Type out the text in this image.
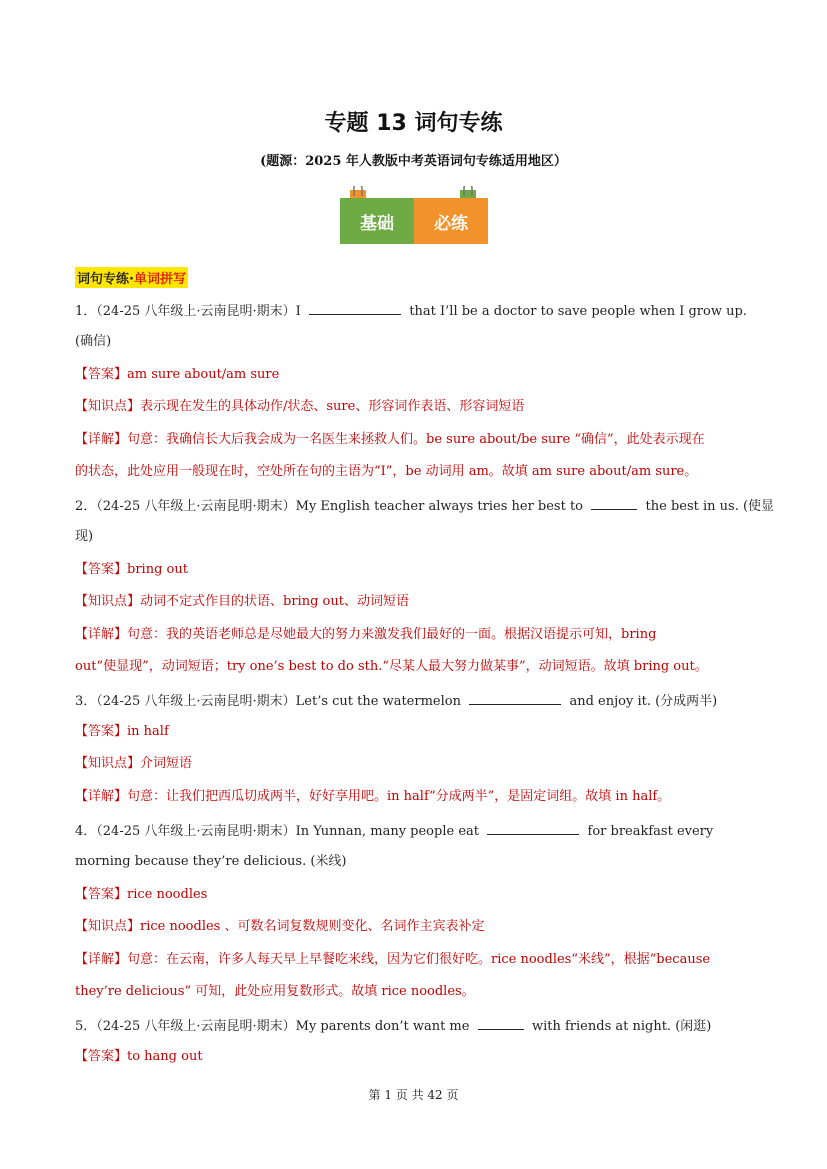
专题 13 词句专练
(题源：2025 年人教版中考英语词句专练适用地区）
基础	必练
词句专练·单词拼写
1．（24-25 八年级上·云南昆明·期末）I	that I’ll be a doctor to save people when I grow up.
(确信)
【答案】am sure about/am sure
【知识点】表示现在发生的具体动作/状态、sure、形容词作表语、形容词短语
【详解】句意：我确信长大后我会成为一名医生来拯救人们。be sure about/be sure “确信”，此处表示现在
的状态，此处应用一般现在时，空处所在句的主语为“I”，be 动词用 am。故填 am sure about/am sure。
2．（24-25 八年级上·云南昆明·期末）My English teacher always tries her best to	the best in us. (使显
现)
【答案】bring out
【知识点】动词不定式作目的状语、bring out、动词短语
【详解】句意：我的英语老师总是尽她最大的努力来激发我们最好的一面。根据汉语提示可知，bring
out“使显现”，动词短语；try one’s best to do sth.“尽某人最大努力做某事”，动词短语。故填 bring out。
3．（24-25 八年级上·云南昆明·期末）Let’s cut the watermelon	and enjoy it. (分成两半)
【答案】in half
【知识点】介词短语
【详解】句意：让我们把西瓜切成两半，好好享用吧。in half“分成两半”，是固定词组。故填 in half。
4．（24-25 八年级上·云南昆明·期末）In Yunnan, many people eat	for breakfast every
morning because they’re delicious. (米线)
【答案】rice noodles
【知识点】rice noodles 、可数名词复数规则变化、名词作主宾表补定
【详解】句意：在云南，许多人每天早上早餐吃米线，因为它们很好吃。rice noodles“米线”，根据“because
they’re delicious” 可知，此处应用复数形式。故填 rice noodles。
5．（24-25 八年级上·云南昆明·期末）My parents don’t want me	with friends at night. (闲逛)
【答案】to hang out
第 1 页 共 42 页
